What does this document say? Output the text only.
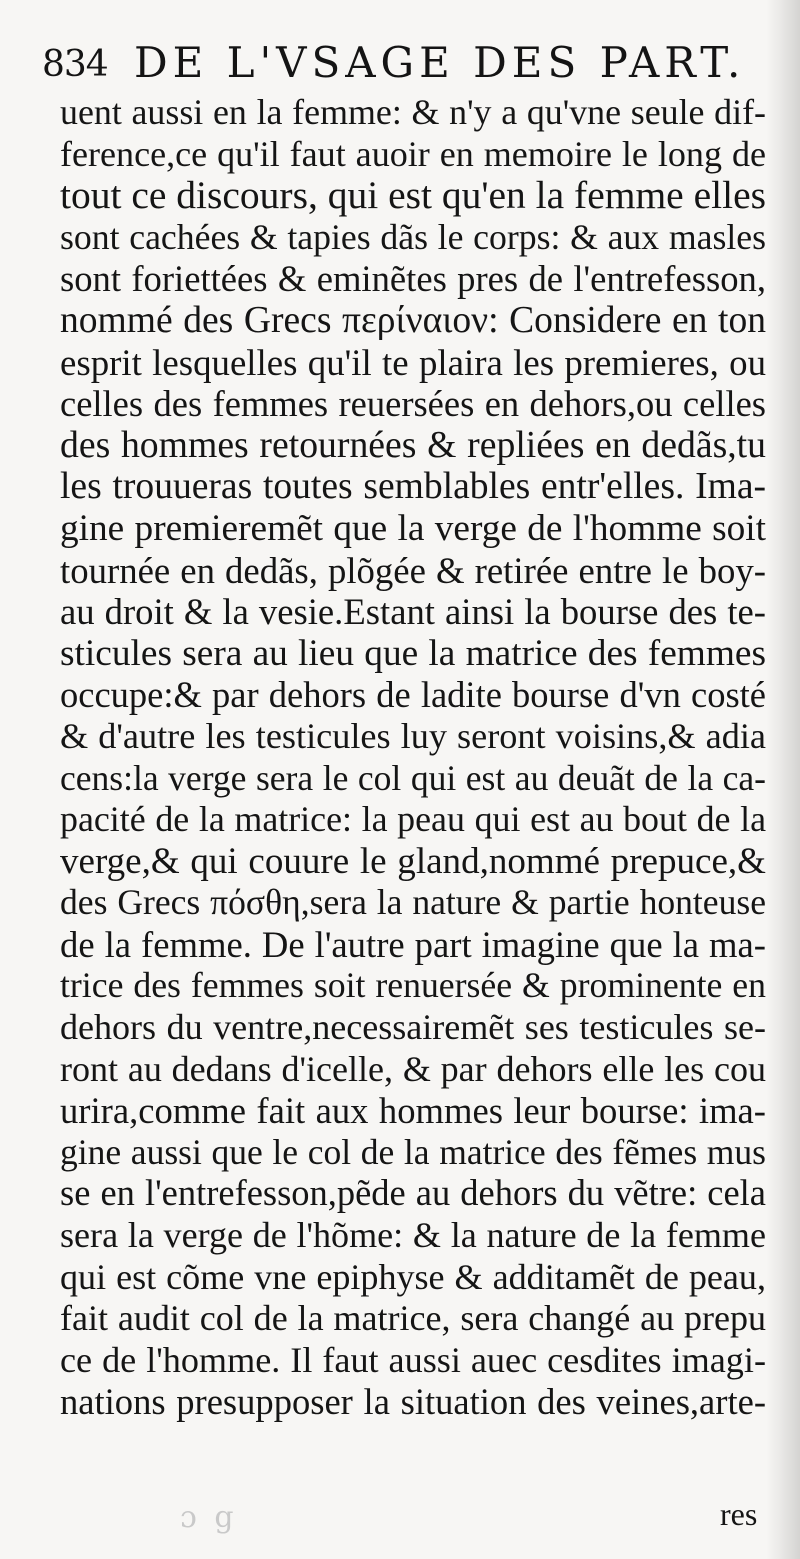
ɔ g
834 DE L'VSAGE DES PART.
uent aussi en la femme: & n'y a qu'vne seule dif-
ference,ce qu'il faut auoir en memoire le long de
tout ce discours, qui est qu'en la femme elles
sont cachées & tapies dãs le corps: & aux masles
sont foriettées & eminẽtes pres de l'entrefesson,
nommé des Grecs περίναιον: Considere en ton
esprit lesquelles qu'il te plaira les premieres, ou
celles des femmes reuersées en dehors,ou celles
des hommes retournées & repliées en dedãs,tu
les trouueras toutes semblables entr'elles. Ima-
gine premieremẽt que la verge de l'homme soit
tournée en dedãs, plõgée & retirée entre le boy-
au droit & la vesie.Estant ainsi la bourse des te-
sticules sera au lieu que la matrice des femmes
occupe:& par dehors de ladite bourse d'vn costé
& d'autre les testicules luy seront voisins,& adia
cens:la verge sera le col qui est au deuãt de la ca-
pacité de la matrice: la peau qui est au bout de la
verge,& qui couure le gland,nommé prepuce,&
des Grecs πόσθη,sera la nature & partie honteuse
de la femme. De l'autre part imagine que la ma-
trice des femmes soit renuersée & prominente en
dehors du ventre,necessairemẽt ses testicules se-
ront au dedans d'icelle, & par dehors elle les cou
urira,comme fait aux hommes leur bourse: ima-
gine aussi que le col de la matrice des fẽmes mus
se en l'entrefesson,pẽde au dehors du vẽtre: cela
sera la verge de l'hõme: & la nature de la femme
qui est cõme vne epiphyse & additamẽt de peau,
fait audit col de la matrice, sera changé au prepu
ce de l'homme. Il faut aussi auec cesdites imagi-
nations presupposer la situation des veines,arte-
res
